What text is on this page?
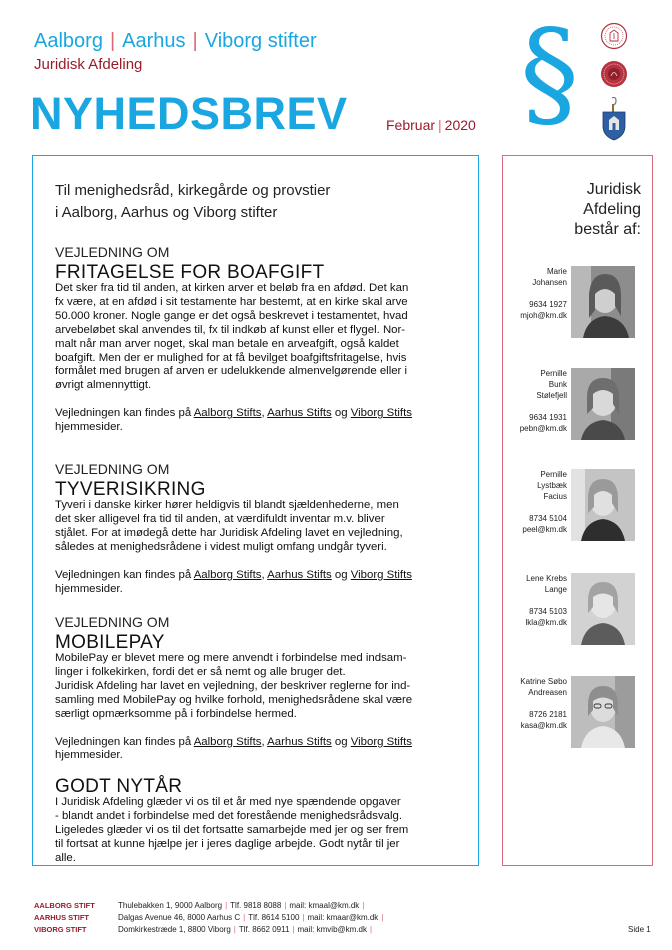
Aalborg | Aarhus | Viborg stifter
Juridisk Afdeling
NYHEDSBREV	Februar | 2020 §
Til menighedsråd, kirkegårde og provstier
i Aalborg, Aarhus og Viborg stifter
VEJLEDNING OM
FRITAGELSE FOR BOAFGIFT
Det sker fra tid til anden, at kirken arver et beløb fra en afdød. Det kan
fx være, at en afdød i sit testamente har bestemt, at en kirke skal arve
50.000 kroner. Nogle gange er det også beskrevet i testamentet, hvad
arvebeløbet skal anvendes til, fx til indkøb af kunst eller et flygel. Nor-
malt når man arver noget, skal man betale en arveafgift, også kaldet
boafgift. Men der er mulighed for at få bevilget boafgiftsfritagelse, hvis
formålet med brugen af arven er udelukkende almenvelgørende eller i
øvrigt almennyttigt.
Vejledningen kan findes på Aalborg Stifts, Aarhus Stifts og Viborg Stifts
hjemmesider.
VEJLEDNING OM
TYVERISIKRING
Tyveri i danske kirker hører heldigvis til blandt sjældenhederne, men
det sker alligevel fra tid til anden, at værdifuldt inventar m.v. bliver
stjålet. For at imødegå dette har Juridisk Afdeling lavet en vejledning,
således at menighedsrådene i videst muligt omfang undgår tyveri.
Vejledningen kan findes på Aalborg Stifts, Aarhus Stifts og Viborg Stifts
hjemmesider.
VEJLEDNING OM
MOBILEPAY
MobilePay er blevet mere og mere anvendt i forbindelse med indsam-
linger i folkekirken, fordi det er så nemt og alle bruger det.
Juridisk Afdeling har lavet en vejledning, der beskriver reglerne for ind-
samling med MobilePay og hvilke forhold, menighedsrådene skal være
særligt opmærksomme på i forbindelse hermed.
Vejledningen kan findes på Aalborg Stifts, Aarhus Stifts og Viborg Stifts
hjemmesider.
GODT NYTÅR
I Juridisk Afdeling glæder vi os til et år med nye spændende opgaver
- blandt andet i forbindelse med det forestående menighedsrådsvalg.
Ligeledes glæder vi os til det fortsatte samarbejde med jer og ser frem
til fortsat at kunne hjælpe jer i jeres daglige arbejde. Godt nytår til jer
alle.
Juridisk
Afdeling
består af:
Marie
Johansen
9634 1927
mjoh@km.dk
Pernille
Bunk
Stølefjell
9634 1931
pebn@km.dk
Pernille
Lystbæk
Facius
8734 5104
peel@km.dk
Lene Krebs
Lange
8734 5103
lkla@km.dk
Katrine Søbo
Andreasen
8726 2181
kasa@km.dk
AALBORG STIFT	Thulebakken 1, 9000 Aalborg | Tlf. 9818 8088 | mail: kmaal@km.dk |
AARHUS STIFT	Dalgas Avenue 46, 8000 Aarhus C | Tlf. 8614 5100 | mail: kmaar@km.dk |
VIBORG STIFT	Domkirkestræde 1, 8800 Viborg | Tlf. 8662 0911 | mail: kmvib@km.dk |	Side 1
